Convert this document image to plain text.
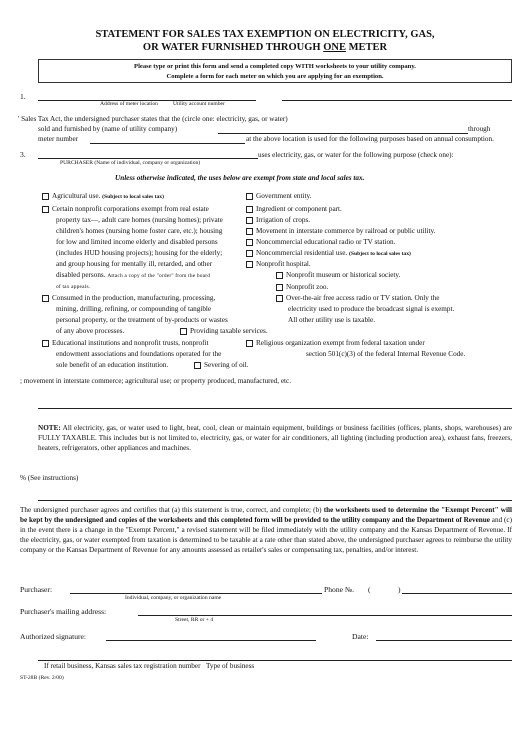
STATEMENT FOR SALES TAX EXEMPTION ON ELECTRICITY, GAS,
OR WATER FURNISHED THROUGH ONE METER
Please type or print this form and send a completed copy WITH worksheets to your utility company.
Complete a form for each meter on which you are applying for an exemption.
1.
Address of meter location	Utility account number
' Sales Tax Act, the undersigned purchaser states that the (circle one: electricity, gas, or water)
sold and furnished by (name of utility company)	through
meter number	at the above location is used for the following purposes based on annual consumption.
3.	uses electricity, gas, or water for the following purpose (check one):
PURCHASER (Name of individual, company or organization)
Unless otherwise indicated, the uses below are exempt from state and local sales tax.
Agricultural use. (Subject to local sales tax)
Certain nonprofit corporations exempt from real estate
property tax—, adult care homes (nursing homes); private
children's homes (nursing home foster care, etc.); housing
for low and limited income elderly and disabled persons
(includes HUD housing projects); housing for the elderly;
and group housing for mentally ill, retarded, and other
disabled persons. Attach a copy of the "order" from the board
of tax appeals.
Consumed in the production, manufacturing, processing,
mining, drilling, refining, or compounding of tangible
personal property, or the treatment of by-products or wastes
of any above processes.
Educational institutions and nonprofit trusts, nonprofit
endowment associations and foundations operated for the
sole benefit of an education institution.
Government entity.
Ingredient or component part.
Irrigation of crops.
Movement in interstate commerce by railroad or public utility.
Noncommercial educational radio or TV station.
Noncommercial residential use. (Subject to local sales tax)
Nonprofit hospital.
Nonprofit museum or historical society.
Nonprofit zoo.
Over-the-air free access radio or TV station. Only the
electricity used to produce the broadcast signal is exempt.
All other utility use is taxable.
Providing taxable services.
Religious organization exempt from federal taxation under
section 501(c)(3) of the federal Internal Revenue Code.
Severing of oil.
; movement in interstate commerce; agricultural use; or property produced, manufactured, etc.
NOTE: All electricity, gas, or water used to light, heat, cool, clean or maintain equipment, buildings or business facilities (offices, plants, shops, warehouses) are FULLY TAXABLE. This includes but is not limited to, electricity, gas, or water for air conditioners, all lighting (including production area), exhaust fans, freezers, heaters, refrigerators, other appliances and machines.
% (See instructions)
The undersigned purchaser agrees and certifies that (a) this statement is true, correct, and complete; (b) the worksheets used to determine the "Exempt Percent" will be kept by the undersigned and copies of the worksheets and this completed form will be provided to the utility company and the Department of Revenue and (c) in the event there is a change in the "Exempt Percent," a revised statement will be filed immediately with the utility company and the Kansas Department of Revenue. If the electricity, gas, or water exempted from taxation is determined to be taxable at a rate other than stated above, the undersigned purchaser agrees to reimburse the utility company or the Kansas Department of Revenue for any amounts assessed as retailer's sales or compensating tax, penalties, and/or interest.
Purchaser:
Individual, company, or organization name
Phone №. (	)
Purchaser's mailing address:
Street, RR or + 4
Authorized signature:	Date:
If retail business, Kansas sales tax registration number Type of business
ST-28B (Rev. 2/00)
